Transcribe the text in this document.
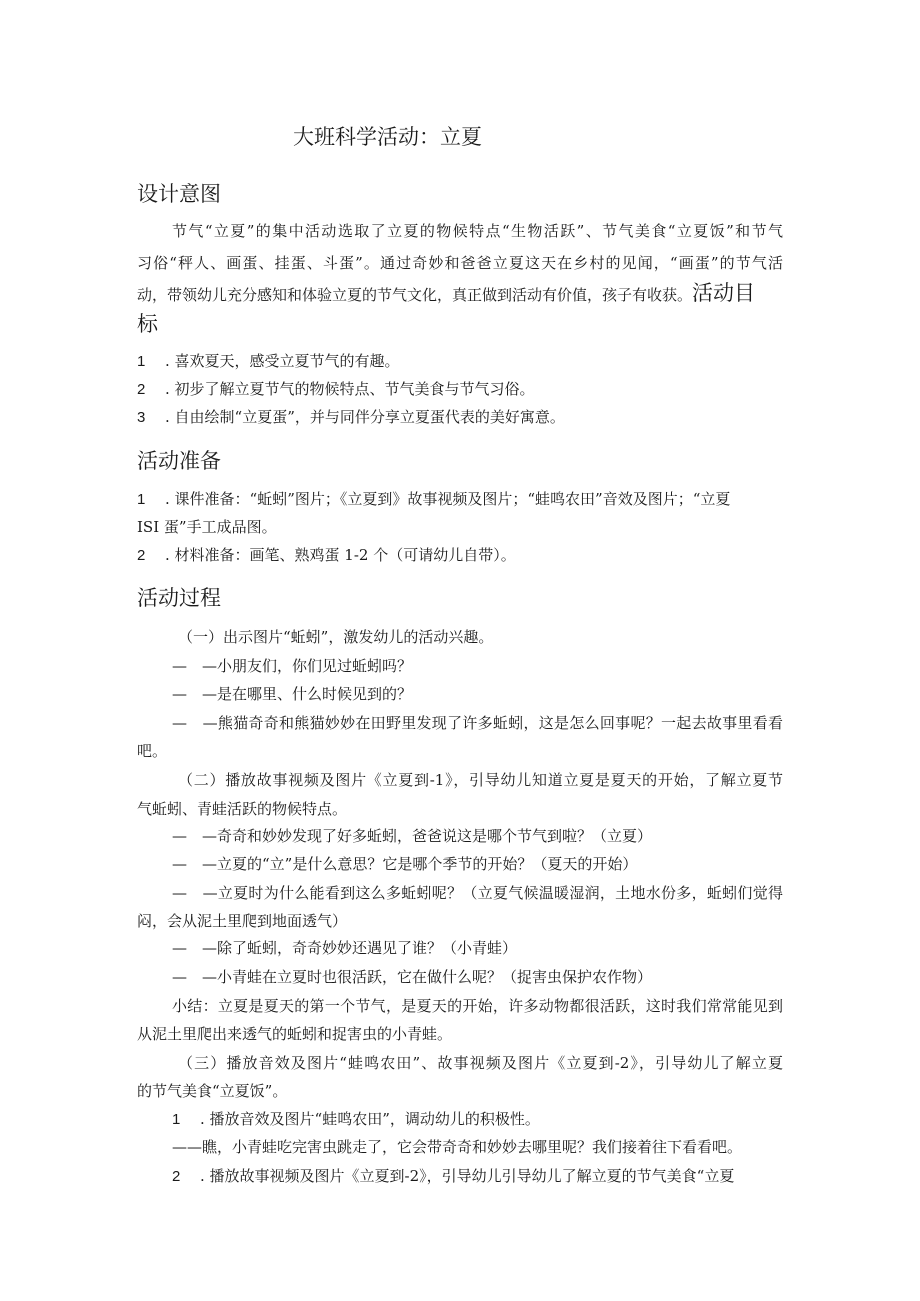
大班科学活动：立夏
设计意图
节气“立夏”的集中活动选取了立夏的物候特点“生物活跃”、节气美食“立夏饭”和节气
习俗“秤人、画蛋、挂蛋、斗蛋”。通过奇妙和爸爸立夏这天在乡村的见闻，“画蛋”的节气活
动，带领幼儿充分感知和体验立夏的节气文化，真正做到活动有价值，孩子有收获。活动目
标
1 . 喜欢夏天，感受立夏节气的有趣。
2 . 初步了解立夏节气的物候特点、节气美食与节气习俗。
3 . 自由绘制“立夏蛋”，并与同伴分享立夏蛋代表的美好寓意。
活动准备
1 . 课件准备：“蚯蚓”图片；《立夏到》故事视频及图片；“蛙鸣农田”音效及图片；“立夏
ISI 蛋”手工成品图。
2 . 材料准备：画笔、熟鸡蛋 1-2 个（可请幼儿自带）。
活动过程
（一）出示图片“蚯蚓”，激发幼儿的活动兴趣。
—　—小朋友们，你们见过蚯蚓吗？
—　—是在哪里、什么时候见到的？
—　—熊猫奇奇和熊猫妙妙在田野里发现了许多蚯蚓，这是怎么回事呢？一起去故事里看看
吧。
（二）播放故事视频及图片《立夏到-1》，引导幼儿知道立夏是夏天的开始，了解立夏节
气蚯蚓、青蛙活跃的物候特点。
—　—奇奇和妙妙发现了好多蚯蚓，爸爸说这是哪个节气到啦？（立夏）
—　—立夏的“立”是什么意思？它是哪个季节的开始？（夏天的开始）
—　—立夏时为什么能看到这么多蚯蚓呢？（立夏气候温暖湿润，土地水份多，蚯蚓们觉得
闷，会从泥土里爬到地面透气）
—　—除了蚯蚓，奇奇妙妙还遇见了谁？（小青蛙）
—　—小青蛙在立夏时也很活跃，它在做什么呢？（捉害虫保护农作物）
小结：立夏是夏天的第一个节气，是夏天的开始，许多动物都很活跃，这时我们常常能见到
从泥土里爬出来透气的蚯蚓和捉害虫的小青蛙。
（三）播放音效及图片“蛙鸣农田”、故事视频及图片《立夏到-2》，引导幼儿了解立夏
的节气美食“立夏饭”。
1 . 播放音效及图片“蛙鸣农田”，调动幼儿的积极性。
——瞧，小青蛙吃完害虫跳走了，它会带奇奇和妙妙去哪里呢？我们接着往下看看吧。
2 . 播放故事视频及图片《立夏到-2》，引导幼儿引导幼儿了解立夏的节气美食“立夏
